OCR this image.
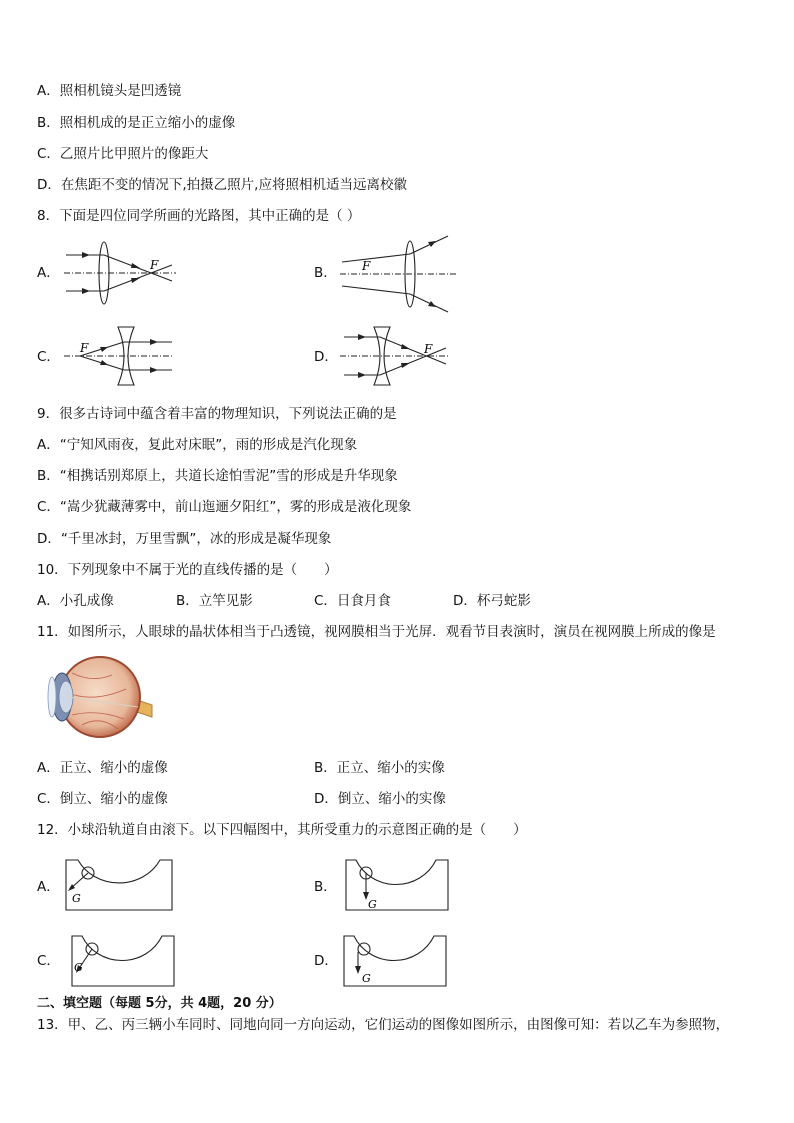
A．照相机镜头是凹透镜
B．照相机成的是正立缩小的虚像
C．乙照片比甲照片的像距大
D．在焦距不变的情况下,拍摄乙照片,应将照相机适当远离校徽
8．下面是四位同学所画的光路图，其中正确的是（ ）
A．	F	B． F
C．
F
D．	F
9．很多古诗词中蕴含着丰富的物理知识，下列说法正确的是
A．“宁知风雨夜，复此对床眠”，雨的形成是汽化现象
B．“相携话别郑原上，共道长途怕雪泥”雪的形成是升华现象
C．“嵩少犹藏薄雾中，前山迤逦夕阳红”，雾的形成是液化现象
D．“千里冰封，万里雪飘”，冰的形成是凝华现象
10．下列现象中不属于光的直线传播的是（　　）
A．小孔成像	B．立竿见影	C．日食月食	D．杯弓蛇影
11．如图所示，人眼球的晶状体相当于凸透镜，视网膜相当于光屏．观看节目表演时，演员在视网膜上所成的像是
A．正立、缩小的虚像	B．正立、缩小的实像
C．倒立、缩小的虚像	D．倒立、缩小的实像
12．小球沿轨道自由滚下。以下四幅图中，其所受重力的示意图正确的是（　　）
A．
G
B．
G
C． G	D．
G
二、填空题（每题 5分，共 4题，20 分）
13．甲、乙、丙三辆小车同时、同地向同一方向运动，它们运动的图像如图所示，由图像可知：若以乙车为参照物，
